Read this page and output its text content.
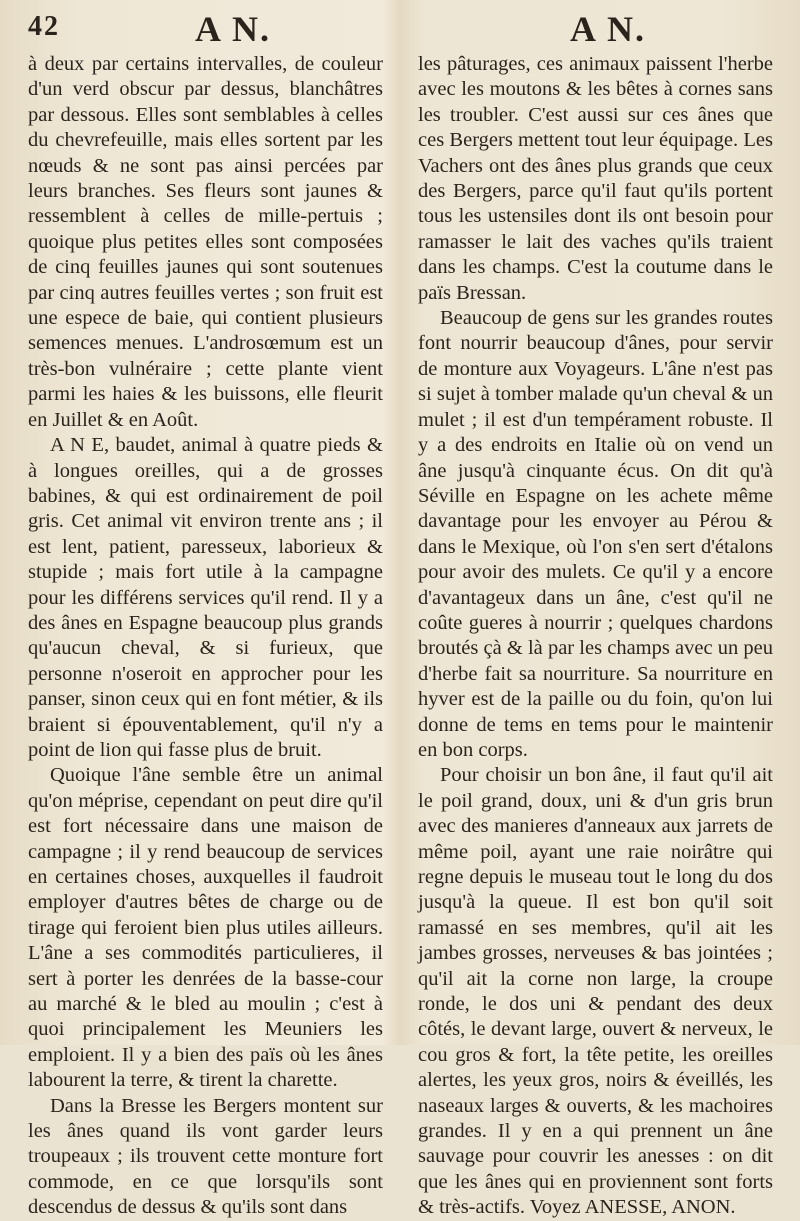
42	A N.	A N.

à deux par certains intervalles, de couleur d'un verd obscur par dessus, blanchâtres par dessous. Elles sont semblables à celles du chevrefeuille, mais elles sortent par les nœuds & ne sont pas ainsi percées par leurs branches. Ses fleurs sont jaunes & ressemblent à celles de mille-pertuis ; quoique plus petites elles sont composées de cinq feuilles jaunes qui sont soutenues par cinq autres feuilles vertes ; son fruit est une espece de baie, qui contient plusieurs semences menues. L'androsœmum est un très-bon vulnéraire ; cette plante vient parmi les haies & les buissons, elle fleurit en Juillet & en Août.

A N E, baudet, animal à quatre pieds & à longues oreilles, qui a de grosses babines, & qui est ordinairement de poil gris. Cet animal vit environ trente ans ; il est lent, patient, paresseux, laborieux & stupide ; mais fort utile à la campagne pour les différens services qu'il rend. Il y a des ânes en Espagne beaucoup plus grands qu'aucun cheval, & si furieux, que personne n'oseroit en approcher pour les panser, sinon ceux qui en font métier, & ils braient si épouventablement, qu'il n'y a point de lion qui fasse plus de bruit.

Quoique l'âne semble être un animal qu'on méprise, cependant on peut dire qu'il est fort nécessaire dans une maison de campagne ; il y rend beaucoup de services en certaines choses, auxquelles il faudroit employer d'autres bêtes de charge ou de tirage qui feroient bien plus utiles ailleurs. L'âne a ses commodités particulieres, il sert à porter les denrées de la basse-cour au marché & le bled au moulin ; c'est à quoi principalement les Meuniers les emploient. Il y a bien des païs où les ânes labourent la terre, & tirent la charette.

Dans la Bresse les Bergers montent sur les ânes quand ils vont garder leurs troupeaux ; ils trouvent cette monture fort commode, en ce que lorsqu'ils sont descendus de dessus & qu'ils sont dans

les pâturages, ces animaux paissent l'herbe avec les moutons & les bêtes à cornes sans les troubler. C'est aussi sur ces ânes que ces Bergers mettent tout leur équipage. Les Vachers ont des ânes plus grands que ceux des Bergers, parce qu'il faut qu'ils portent tous les ustensiles dont ils ont besoin pour ramasser le lait des vaches qu'ils traient dans les champs. C'est la coutume dans le païs Bressan.

Beaucoup de gens sur les grandes routes font nourrir beaucoup d'ânes, pour servir de monture aux Voyageurs. L'âne n'est pas si sujet à tomber malade qu'un cheval & un mulet ; il est d'un tempérament robuste. Il y a des endroits en Italie où on vend un âne jusqu'à cinquante écus. On dit qu'à Séville en Espagne on les achete même davantage pour les envoyer au Pérou & dans le Mexique, où l'on s'en sert d'étalons pour avoir des mulets. Ce qu'il y a encore d'avantageux dans un âne, c'est qu'il ne coûte gueres à nourrir ; quelques chardons broutés çà & là par les champs avec un peu d'herbe fait sa nourriture. Sa nourriture en hyver est de la paille ou du foin, qu'on lui donne de tems en tems pour le maintenir en bon corps.

Pour choisir un bon âne, il faut qu'il ait le poil grand, doux, uni & d'un gris brun avec des manieres d'anneaux aux jarrets de même poil, ayant une raie noirâtre qui regne depuis le museau tout le long du dos jusqu'à la queue. Il est bon qu'il soit ramassé en ses membres, qu'il ait les jambes grosses, nerveuses & bas jointées ; qu'il ait la corne non large, la croupe ronde, le dos uni & pendant des deux côtés, le devant large, ouvert & nerveux, le cou gros & fort, la tête petite, les oreilles alertes, les yeux gros, noirs & éveillés, les naseaux larges & ouverts, & les machoires grandes. Il y en a qui prennent un âne sauvage pour couvrir les anesses : on dit que les ânes qui en proviennent sont forts & très-actifs. Voyez ANESSE, ANON.
